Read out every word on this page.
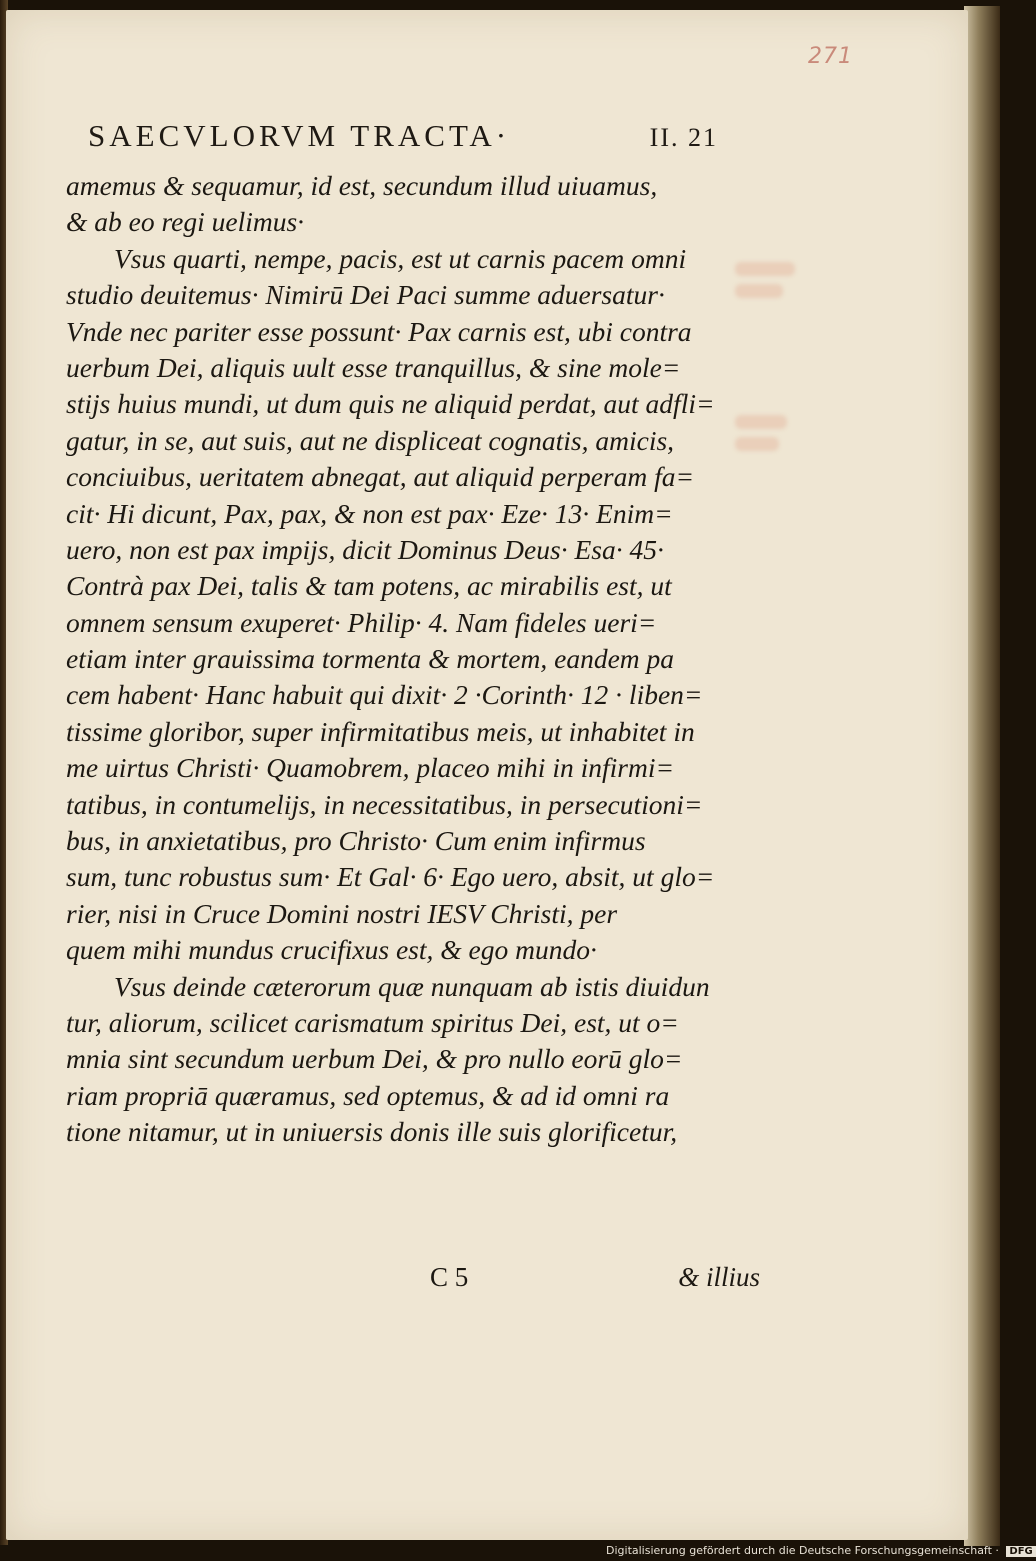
271
SAECVLORVM TRACTA·	II. 21
amemus & sequamur, id est, secundum illud uiuamus,
& ab eo regi uelimus·
Vsus quarti, nempe, pacis, est ut carnis pacem omni
studio deuitemus· Nimirū Dei Paci summe aduersatur·
Vnde nec pariter esse possunt· Pax carnis est, ubi contra
uerbum Dei, aliquis uult esse tranquillus, & sine mole=
stijs huius mundi, ut dum quis ne aliquid perdat, aut adfli=
gatur, in se, aut suis, aut ne displiceat cognatis, amicis,
conciuibus, ueritatem abnegat, aut aliquid perperam fa=
cit· Hi dicunt, Pax, pax, & non est pax· Eze· 13· Enim=
uero, non est pax impijs, dicit Dominus Deus· Esa· 45·
Contrà pax Dei, talis & tam potens, ac mirabilis est, ut
omnem sensum exuperet· Philip· 4. Nam fideles ueri=
etiam inter grauissima tormenta & mortem, eandem pa
cem habent· Hanc habuit qui dixit· 2 ·Corinth· 12 · liben=
tissime gloribor, super infirmitatibus meis, ut inhabitet in
me uirtus Christi· Quamobrem, placeo mihi in infirmi=
tatibus, in contumelijs, in necessitatibus, in persecutioni=
bus, in anxietatibus, pro Christo· Cum enim infirmus
sum, tunc robustus sum· Et Gal· 6· Ego uero, absit, ut glo=
rier, nisi in Cruce Domini nostri IESV Christi, per
quem mihi mundus crucifixus est, & ego mundo·
Vsus deinde cæterorum quæ nunquam ab istis diuidun
tur, aliorum, scilicet carismatum spiritus Dei, est, ut o=
mnia sint secundum uerbum Dei, & pro nullo eorū glo=
riam propriā quæramus, sed optemus, & ad id omni ra
tione nitamur, ut in uniuersis donis ille suis glorificetur,
C 5	& illius
Digitalisierung gefördert durch die Deutsche Forschungsgemeinschaft · DFG
